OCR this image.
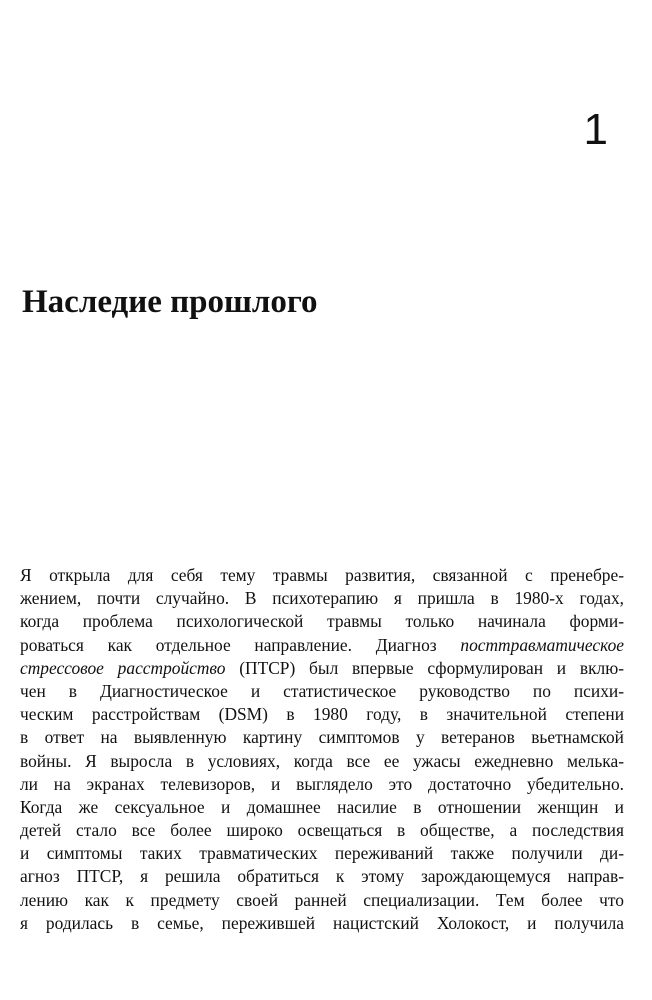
1
Наследие прошлого
Я открыла для себя тему травмы развития, связанной с пренебре-
жением, почти случайно. В психотерапию я пришла в 1980-х годах,
когда проблема психологической травмы только начинала форми-
роваться как отдельное направление. Диагноз посттравматическое
стрессовое расстройство (ПТСР) был впервые сформулирован и вклю-
чен в Диагностическое и статистическое руководство по психи-
ческим расстройствам (DSM) в 1980 году, в значительной степени
в ответ на выявленную картину симптомов у ветеранов вьетнамской
войны. Я выросла в условиях, когда все ее ужасы ежедневно мелька-
ли на экранах телевизоров, и выглядело это достаточно убедительно.
Когда же сексуальное и домашнее насилие в отношении женщин и
детей стало все более широко освещаться в обществе, а последствия
и симптомы таких травматических переживаний также получили ди-
агноз ПТСР, я решила обратиться к этому зарождающемуся направ-
лению как к предмету своей ранней специализации. Тем более что
я родилась в семье, пережившей нацистский Холокост, и получила
